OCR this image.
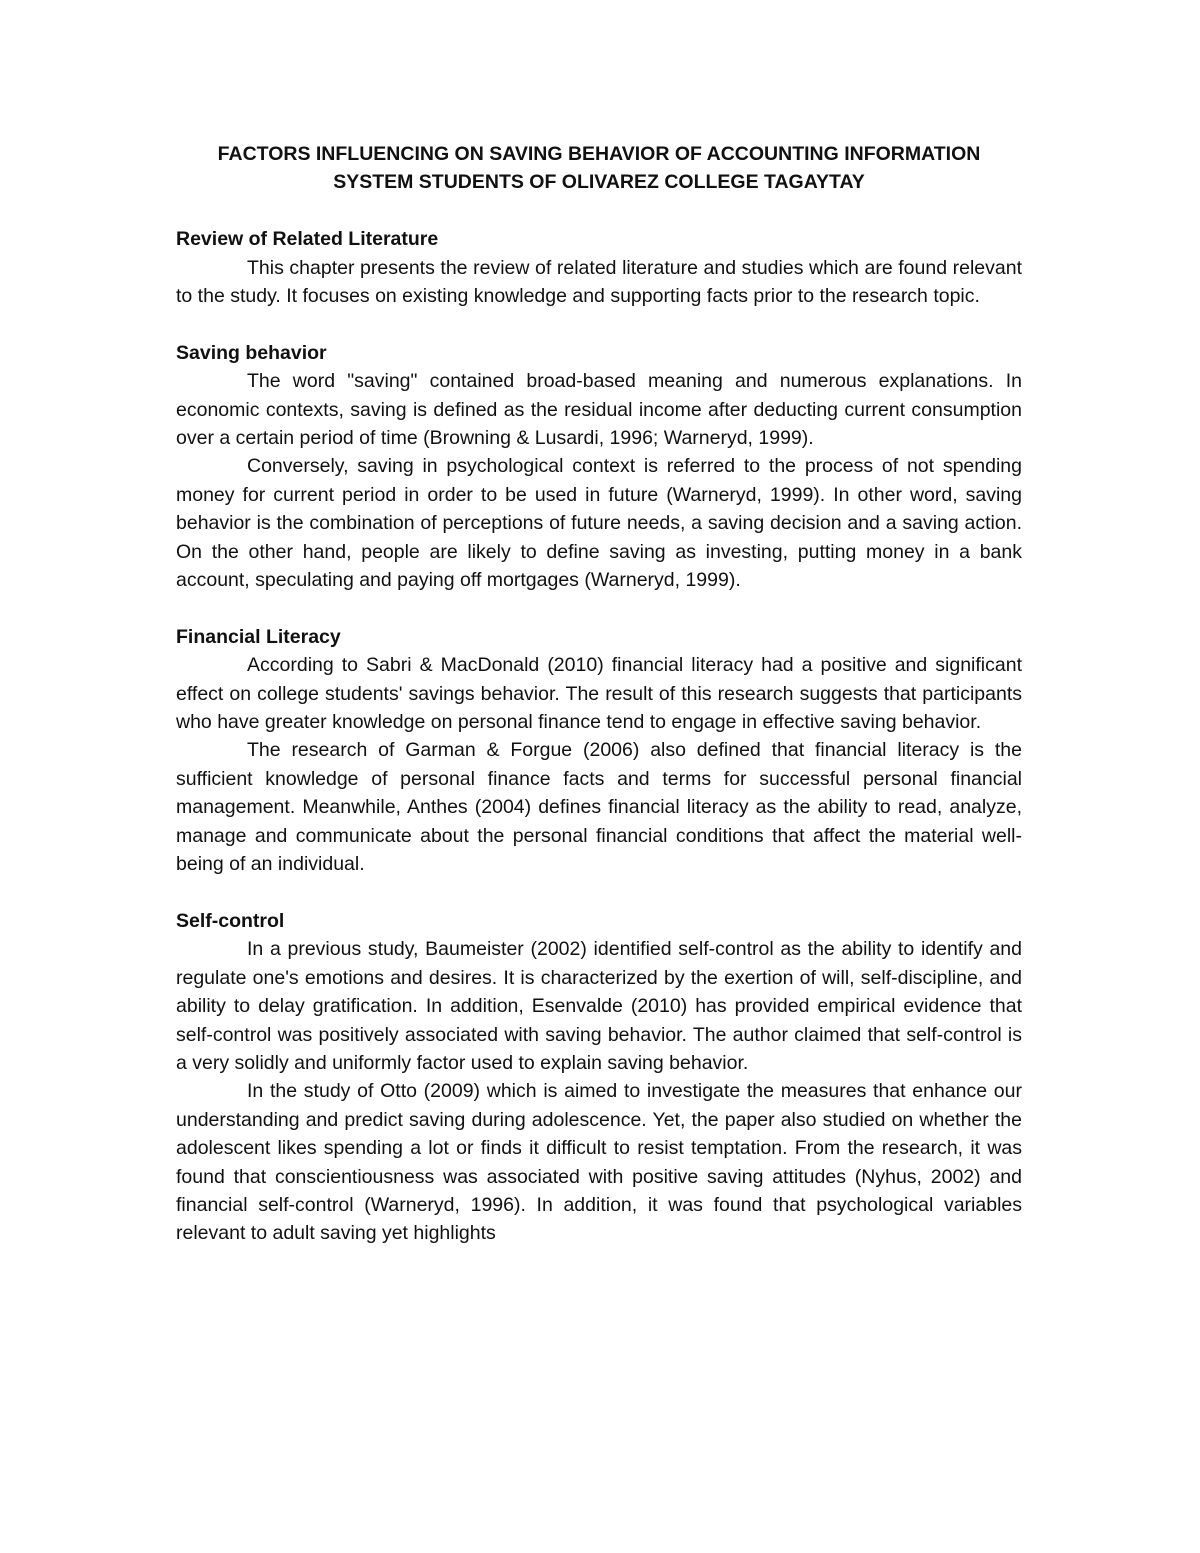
FACTORS INFLUENCING ON SAVING BEHAVIOR OF ACCOUNTING INFORMATION
SYSTEM STUDENTS OF OLIVAREZ COLLEGE TAGAYTAY

Review of Related Literature

This chapter presents the review of related literature and studies which are found relevant to the study. It focuses on existing knowledge and supporting facts prior to the research topic.

Saving behavior

The word "saving" contained broad-based meaning and numerous explanations. In economic contexts, saving is defined as the residual income after deducting current consumption over a certain period of time (Browning & Lusardi, 1996; Warneryd, 1999).

Conversely, saving in psychological context is referred to the process of not spending money for current period in order to be used in future (Warneryd, 1999). In other word, saving behavior is the combination of perceptions of future needs, a saving decision and a saving action. On the other hand, people are likely to define saving as investing, putting money in a bank account, speculating and paying off mortgages (Warneryd, 1999).

Financial Literacy

According to Sabri & MacDonald (2010) financial literacy had a positive and significant effect on college students' savings behavior. The result of this research suggests that participants who have greater knowledge on personal finance tend to engage in effective saving behavior.

The research of Garman & Forgue (2006) also defined that financial literacy is the sufficient knowledge of personal finance facts and terms for successful personal financial management. Meanwhile, Anthes (2004) defines financial literacy as the ability to read, analyze, manage and communicate about the personal financial conditions that affect the material well-being of an individual.

Self-control

In a previous study, Baumeister (2002) identified self-control as the ability to identify and regulate one's emotions and desires. It is characterized by the exertion of will, self-discipline, and ability to delay gratification. In addition, Esenvalde (2010) has provided empirical evidence that self-control was positively associated with saving behavior. The author claimed that self-control is a very solidly and uniformly factor used to explain saving behavior.

In the study of Otto (2009) which is aimed to investigate the measures that enhance our understanding and predict saving during adolescence. Yet, the paper also studied on whether the adolescent likes spending a lot or finds it difficult to resist temptation. From the research, it was found that conscientiousness was associated with positive saving attitudes (Nyhus, 2002) and financial self-control (Warneryd, 1996). In addition, it was found that psychological variables relevant to adult saving yet highlights
